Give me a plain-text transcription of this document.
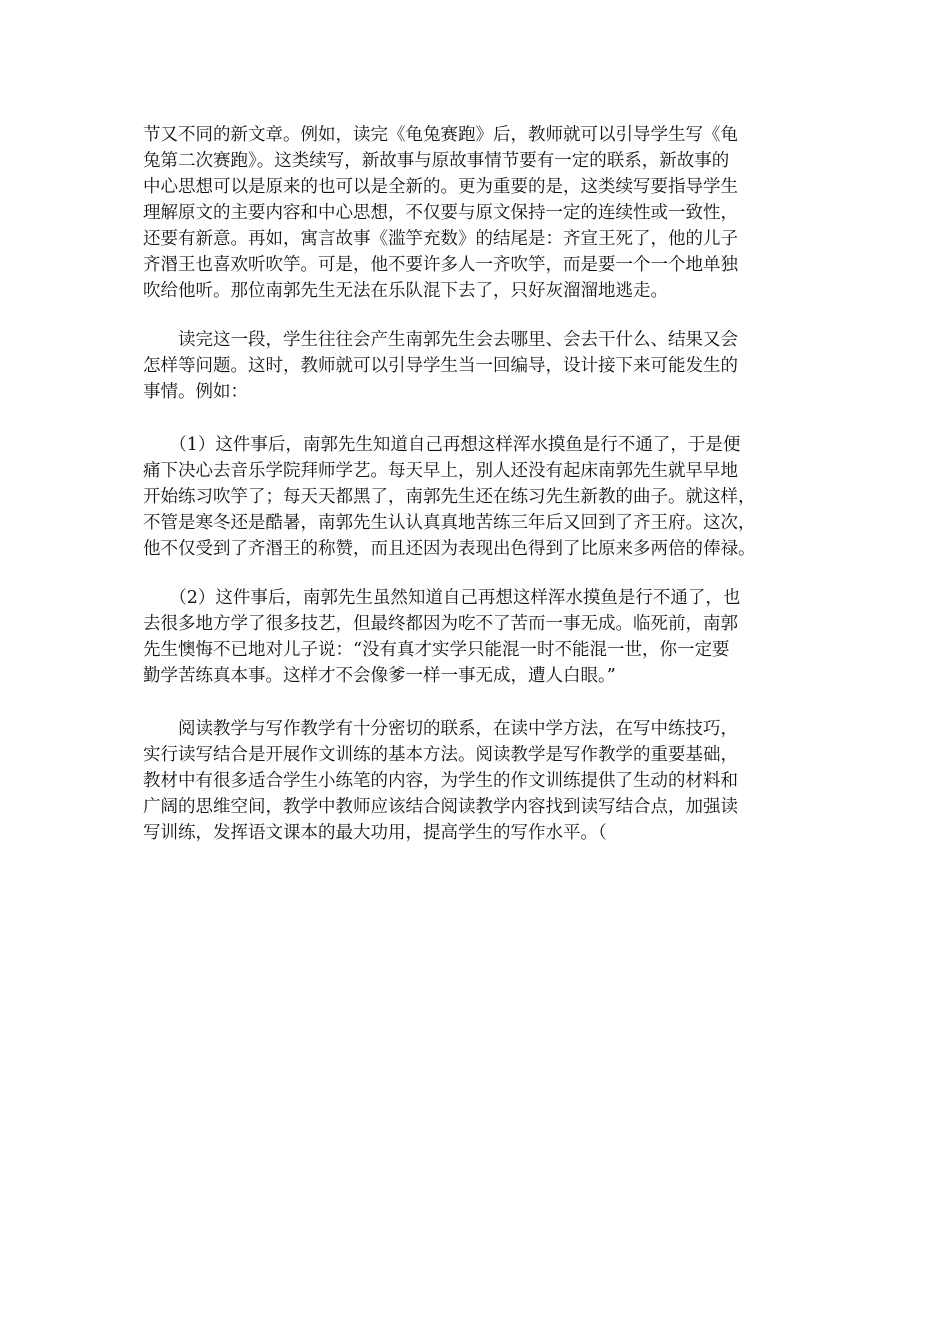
节又不同的新文章。例如，读完《龟兔赛跑》后，教师就可以引导学生写《龟
兔第二次赛跑》。这类续写，新故事与原故事情节要有一定的联系，新故事的
中心思想可以是原来的也可以是全新的。更为重要的是，这类续写要指导学生
理解原文的主要内容和中心思想，不仅要与原文保持一定的连续性或一致性，
还要有新意。再如，寓言故事《滥竽充数》的结尾是：齐宣王死了，他的儿子
齐湣王也喜欢听吹竽。可是，他不要许多人一齐吹竽，而是要一个一个地单独
吹给他听。那位南郭先生无法在乐队混下去了，只好灰溜溜地逃走。
　　读完这一段，学生往往会产生南郭先生会去哪里、会去干什么、结果又会
怎样等问题。这时，教师就可以引导学生当一回编导，设计接下来可能发生的
事情。例如：
　　（1）这件事后，南郭先生知道自己再想这样浑水摸鱼是行不通了，于是便
痛下决心去音乐学院拜师学艺。每天早上，别人还没有起床南郭先生就早早地
开始练习吹竽了；每天天都黑了，南郭先生还在练习先生新教的曲子。就这样，
不管是寒冬还是酷暑，南郭先生认认真真地苦练三年后又回到了齐王府。这次，
他不仅受到了齐湣王的称赞，而且还因为表现出色得到了比原来多两倍的俸禄。
　　（2）这件事后，南郭先生虽然知道自己再想这样浑水摸鱼是行不通了，也
去很多地方学了很多技艺，但最终都因为吃不了苦而一事无成。临死前，南郭
先生懊悔不已地对儿子说：“没有真才实学只能混一时不能混一世，你一定要
勤学苦练真本事。这样才不会像爹一样一事无成，遭人白眼。”
　　阅读教学与写作教学有十分密切的联系，在读中学方法，在写中练技巧，
实行读写结合是开展作文训练的基本方法。阅读教学是写作教学的重要基础，
教材中有很多适合学生小练笔的内容，为学生的作文训练提供了生动的材料和
广阔的思维空间，教学中教师应该结合阅读教学内容找到读写结合点，加强读
写训练，发挥语文课本的最大功用，提高学生的写作水平。（
